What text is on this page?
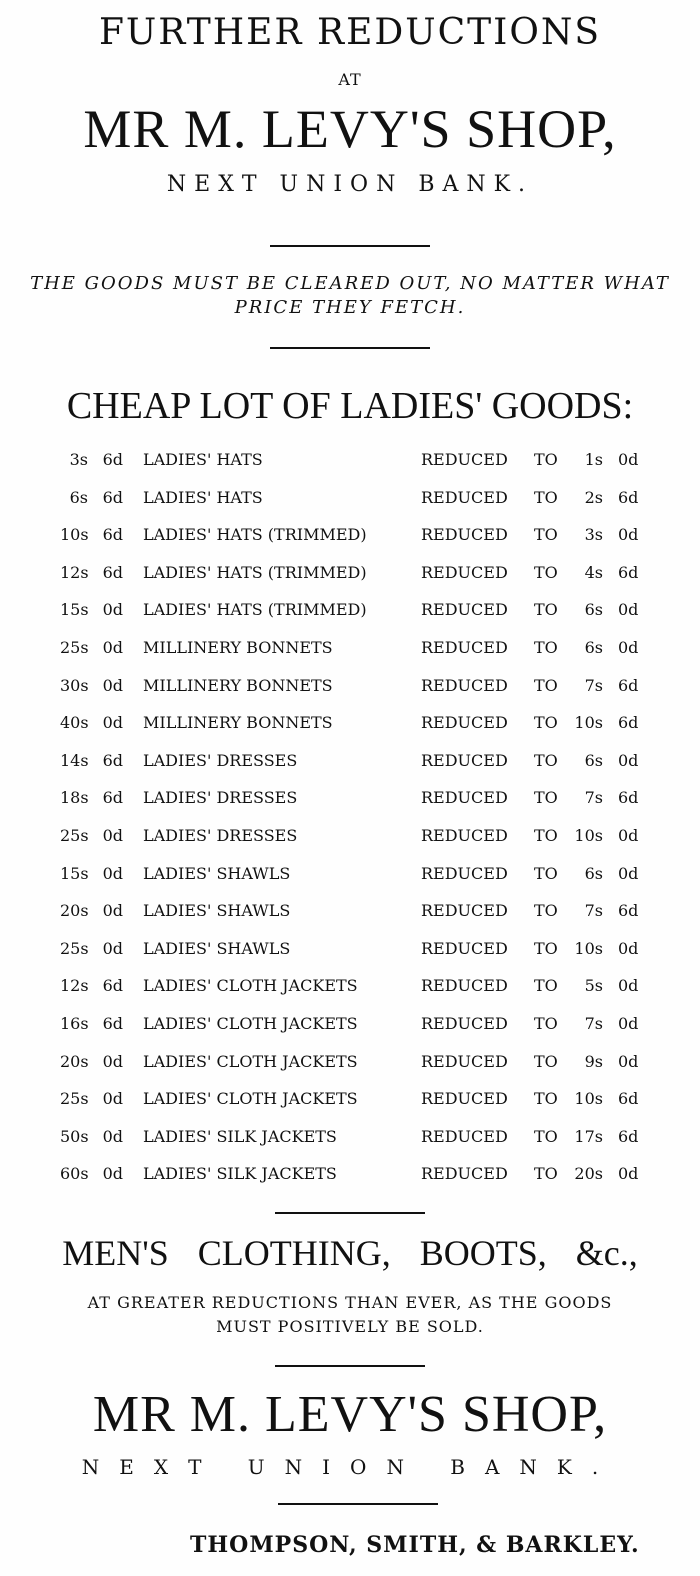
FURTHER REDUCTIONS
AT
MR M. LEVY'S SHOP,
NEXT UNION BANK.
THE GOODS MUST BE CLEARED OUT, NO MATTER WHAT
PRICE THEY FETCH.
CHEAP LOT OF LADIES' GOODS:
3s 6d LADIES' HATS	REDUCED TO	1s 0d
6s 6d LADIES' HATS	REDUCED TO	2s 6d
10s 6d LADIES' HATS (TRIMMED)	REDUCED TO	3s 0d
12s 6d LADIES' HATS (TRIMMED)	REDUCED TO	4s 6d
15s 0d LADIES' HATS (TRIMMED)	REDUCED TO	6s 0d
25s 0d MILLINERY BONNETS	REDUCED TO	6s 0d
30s 0d MILLINERY BONNETS	REDUCED TO	7s 6d
40s 0d MILLINERY BONNETS	REDUCED TO 10s 6d
14s 6d LADIES' DRESSES	REDUCED TO	6s 0d
18s 6d LADIES' DRESSES	REDUCED TO	7s 6d
25s 0d LADIES' DRESSES	REDUCED TO 10s 0d
15s 0d LADIES' SHAWLS	REDUCED TO	6s 0d
20s 0d LADIES' SHAWLS	REDUCED TO	7s 6d
25s 0d LADIES' SHAWLS	REDUCED TO 10s 0d
12s 6d LADIES' CLOTH JACKETS	REDUCED TO	5s 0d
16s 6d LADIES' CLOTH JACKETS	REDUCED TO	7s 0d
20s 0d LADIES' CLOTH JACKETS	REDUCED TO	9s 0d
25s 0d LADIES' CLOTH JACKETS	REDUCED TO 10s 6d
50s 0d LADIES' SILK JACKETS	REDUCED TO 17s 6d
60s 0d LADIES' SILK JACKETS	REDUCED TO 20s 0d
MEN'S CLOTHING, BOOTS, &c.,
AT GREATER REDUCTIONS THAN EVER, AS THE GOODS
MUST POSITIVELY BE SOLD.
MR M. LEVY'S SHOP,
NEXT UNION BANK.
THOMPSON, SMITH, & BARKLEY.
